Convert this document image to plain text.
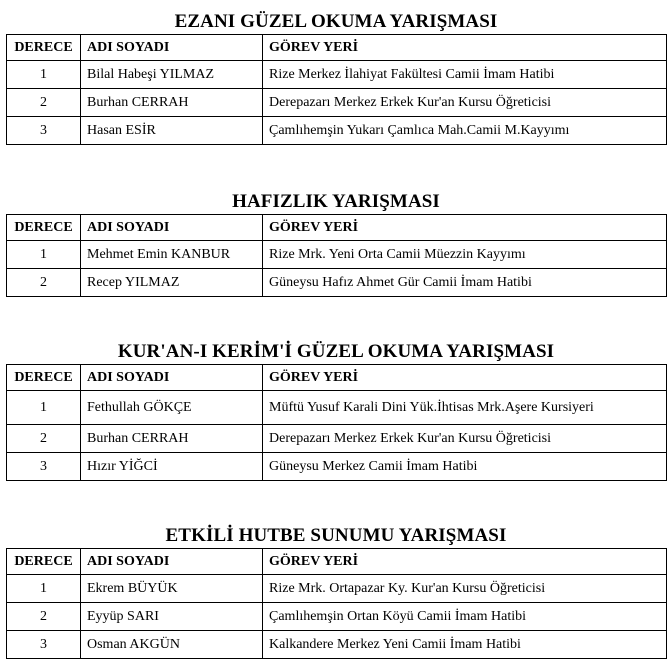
EZANI GÜZEL OKUMA YARIŞMASI
DERECE	ADI SOYADI	GÖREV YERİ
1	Bilal Habeşi YILMAZ	Rize Merkez İlahiyat Fakültesi Camii İmam Hatibi
2	Burhan CERRAH	Derepazarı Merkez Erkek Kur'an Kursu Öğreticisi
3	Hasan ESİR	Çamlıhemşin Yukarı Çamlıca Mah.Camii M.Kayyımı
HAFIZLIK YARIŞMASI
DERECE	ADI SOYADI	GÖREV YERİ
1	Mehmet Emin KANBUR	Rize Mrk. Yeni Orta Camii Müezzin Kayyımı
2	Recep YILMAZ	Güneysu Hafız Ahmet Gür Camii İmam Hatibi
KUR'AN-I KERİM'İ GÜZEL OKUMA YARIŞMASI
DERECE	ADI SOYADI	GÖREV YERİ
1	Fethullah GÖKÇE	Müftü Yusuf Karali Dini Yük.İhtisas Mrk.Aşere Kursiyeri
2	Burhan CERRAH	Derepazarı Merkez Erkek Kur'an Kursu Öğreticisi
3	Hızır YİĞCİ	Güneysu Merkez Camii İmam Hatibi
ETKİLİ HUTBE SUNUMU YARIŞMASI
DERECE	ADI SOYADI	GÖREV YERİ
1	Ekrem BÜYÜK	Rize Mrk. Ortapazar Ky. Kur'an Kursu Öğreticisi
2	Eyyüp SARI	Çamlıhemşin Ortan Köyü Camii İmam Hatibi
3	Osman AKGÜN	Kalkandere Merkez Yeni Camii İmam Hatibi
